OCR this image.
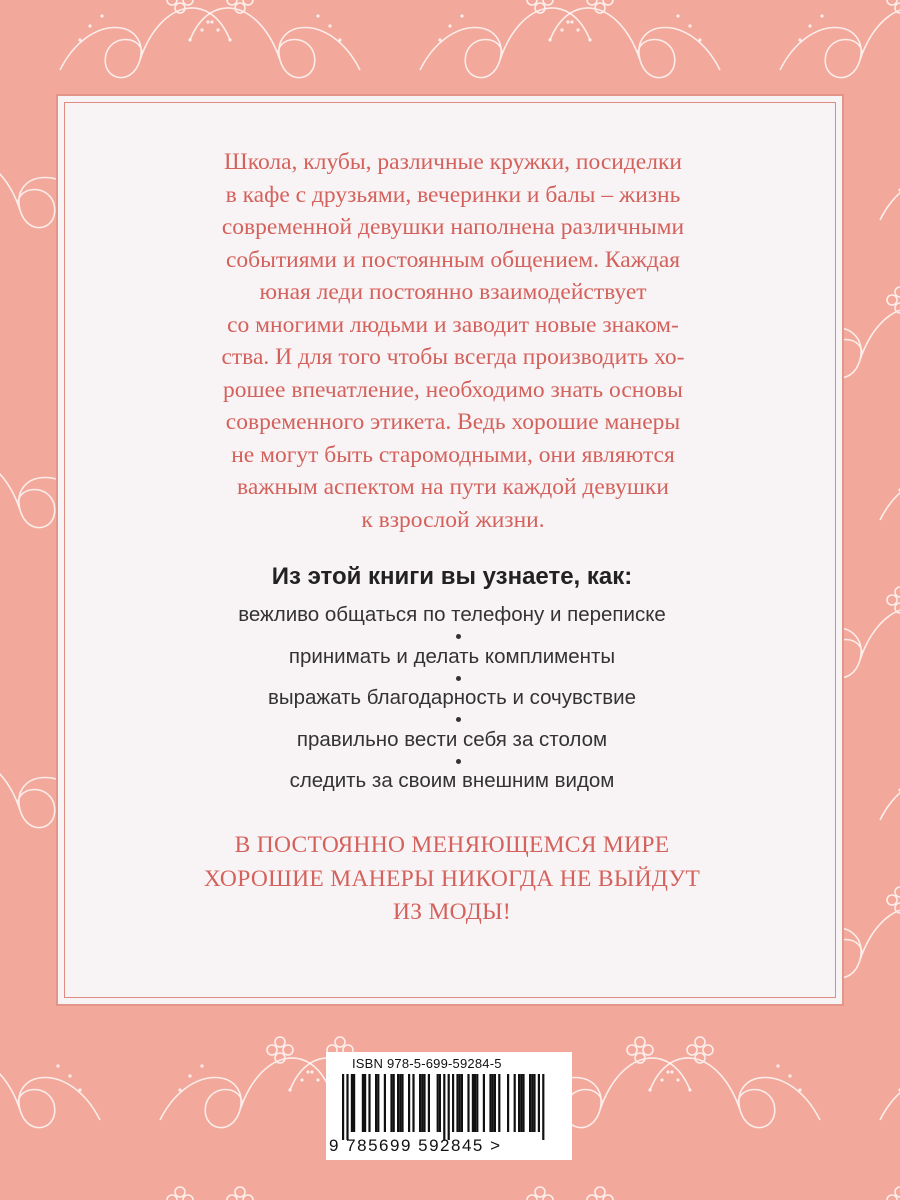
Школа, клубы, различные кружки, посиделки
в кафе с друзьями, вечеринки и балы – жизнь
современной девушки наполнена различными
событиями и постоянным общением. Каждая
юная леди постоянно взаимодействует
со многими людьми и заводит новые знаком-
ства. И для того чтобы всегда производить хо-
рошее впечатление, необходимо знать основы
современного этикета. Ведь хорошие манеры
не могут быть старомодными, они являются
важным аспектом на пути каждой девушки
к взрослой жизни.
Из этой книги вы узнаете, как:
вежливо общаться по телефону и переписке
принимать и делать комплименты
выражать благодарность и сочувствие
правильно вести себя за столом
следить за своим внешним видом
В ПОСТОЯННО МЕНЯЮЩЕМСЯ МИРЕ
ХОРОШИЕ МАНЕРЫ НИКОГДА НЕ ВЫЙДУТ
ИЗ МОДЫ!
ISBN 978-5-699-59284-5
9 785699 592845 >
